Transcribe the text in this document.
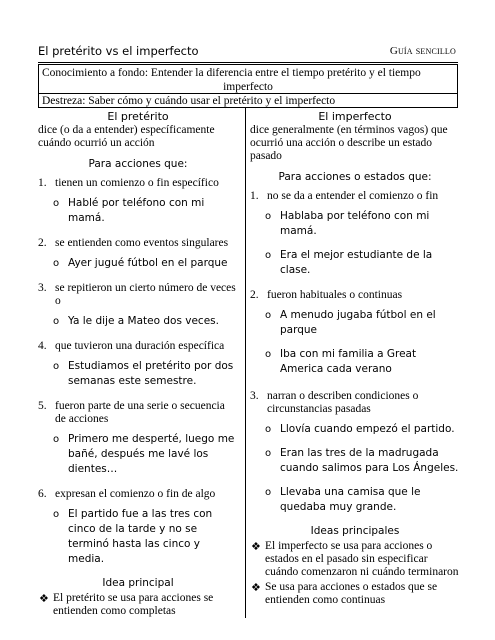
El pretérito vs el imperfecto	Guía sencillo
Conocimiento a fondo: Entender la diferencia entre el tiempo pretérito y el tiempo
imperfecto
Destreza: Saber cómo y cuándo usar el pretérito y el imperfecto
El pretérito
dice (o da a entender) específicamente cuándo ocurrió un acción
Para acciones que:
1. tienen un comienzo o fin específico
o Hablé por teléfono con mi mamá.
2. se entienden como eventos singulares
o Ayer jugué fútbol en el parque
3. se repitieron un cierto número de veces o
o Ya le dije a Mateo dos veces.
4. que tuvieron una duración específica
o Estudiamos el pretérito por dos semanas este semestre.
5. fueron parte de una serie o secuencia de acciones
o Primero me desperté, luego me bañé, después me lavé los dientes…
6. expresan el comienzo o fin de algo
o El partido fue a las tres con cinco de la tarde y no se terminó hasta las cinco y media.
Idea principal
❖ El pretérito se usa para acciones se entienden como completas
El imperfecto
dice generalmente (en términos vagos) que ocurrió una acción o describe un estado pasado
Para acciones o estados que:
1. no se da a entender el comienzo o fin
o Hablaba por teléfono con mi mamá.
o Era el mejor estudiante de la clase.
2. fueron habituales o continuas
o A menudo jugaba fútbol en el parque
o Iba con mi familia a Great America cada verano
3. narran o describen condiciones o circunstancias pasadas
o Llovía cuando empezó el partido.
o Eran las tres de la madrugada cuando salimos para Los Ángeles.
o Llevaba una camisa que le quedaba muy grande.
Ideas principales
❖ El imperfecto se usa para acciones o estados en el pasado sin especificar cuándo comenzaron ni cuándo terminaron
❖ Se usa para acciones o estados que se entienden como continuas
